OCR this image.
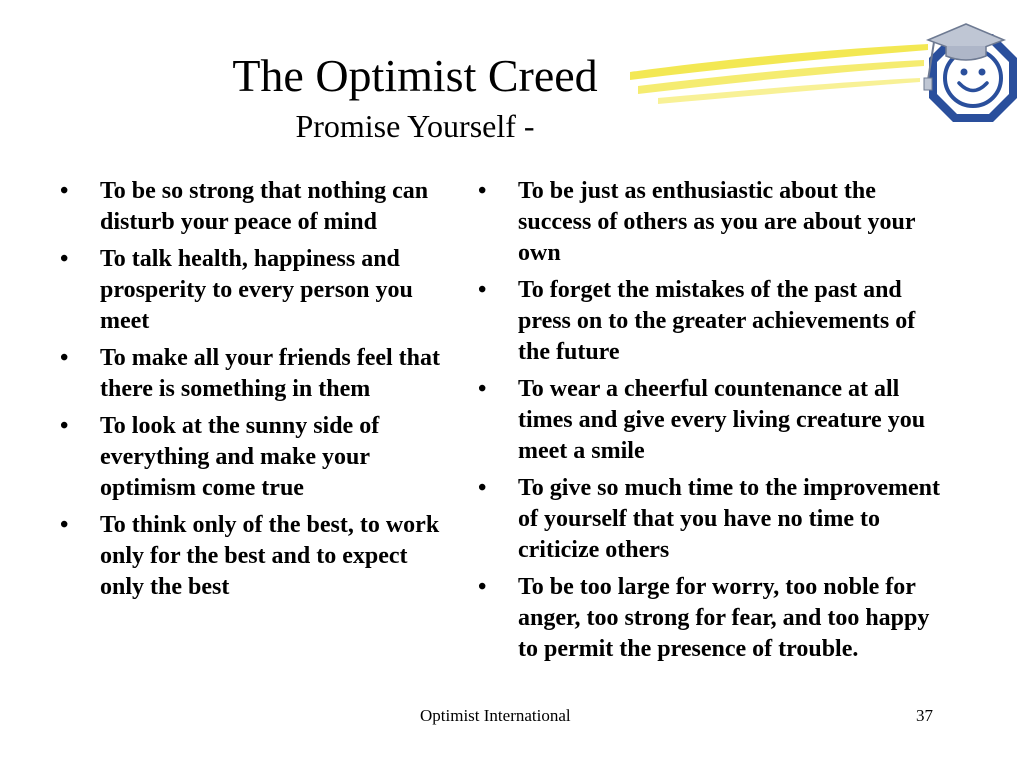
The Optimist Creed
Promise Yourself -
•	To be so strong that nothing can disturb your peace of mind
•	To talk health, happiness and prosperity to every person you meet
•	To make all your friends feel that there is something in them
•	To look at the sunny side of everything and make your optimism come true
•	To think only of the best, to work only for the best and to expect only the best
•	To be just as enthusiastic about the success of others as you are about your own
•	To forget the mistakes of the past and press on to the greater achievements of the future
•	To wear a cheerful countenance at all times and give every living creature you meet a smile
•	To give so much time to the improvement of yourself that you have no time to criticize others
•	To be too large for worry, too noble for anger, too strong for fear, and too happy to permit the presence of trouble.
Optimist International	37
